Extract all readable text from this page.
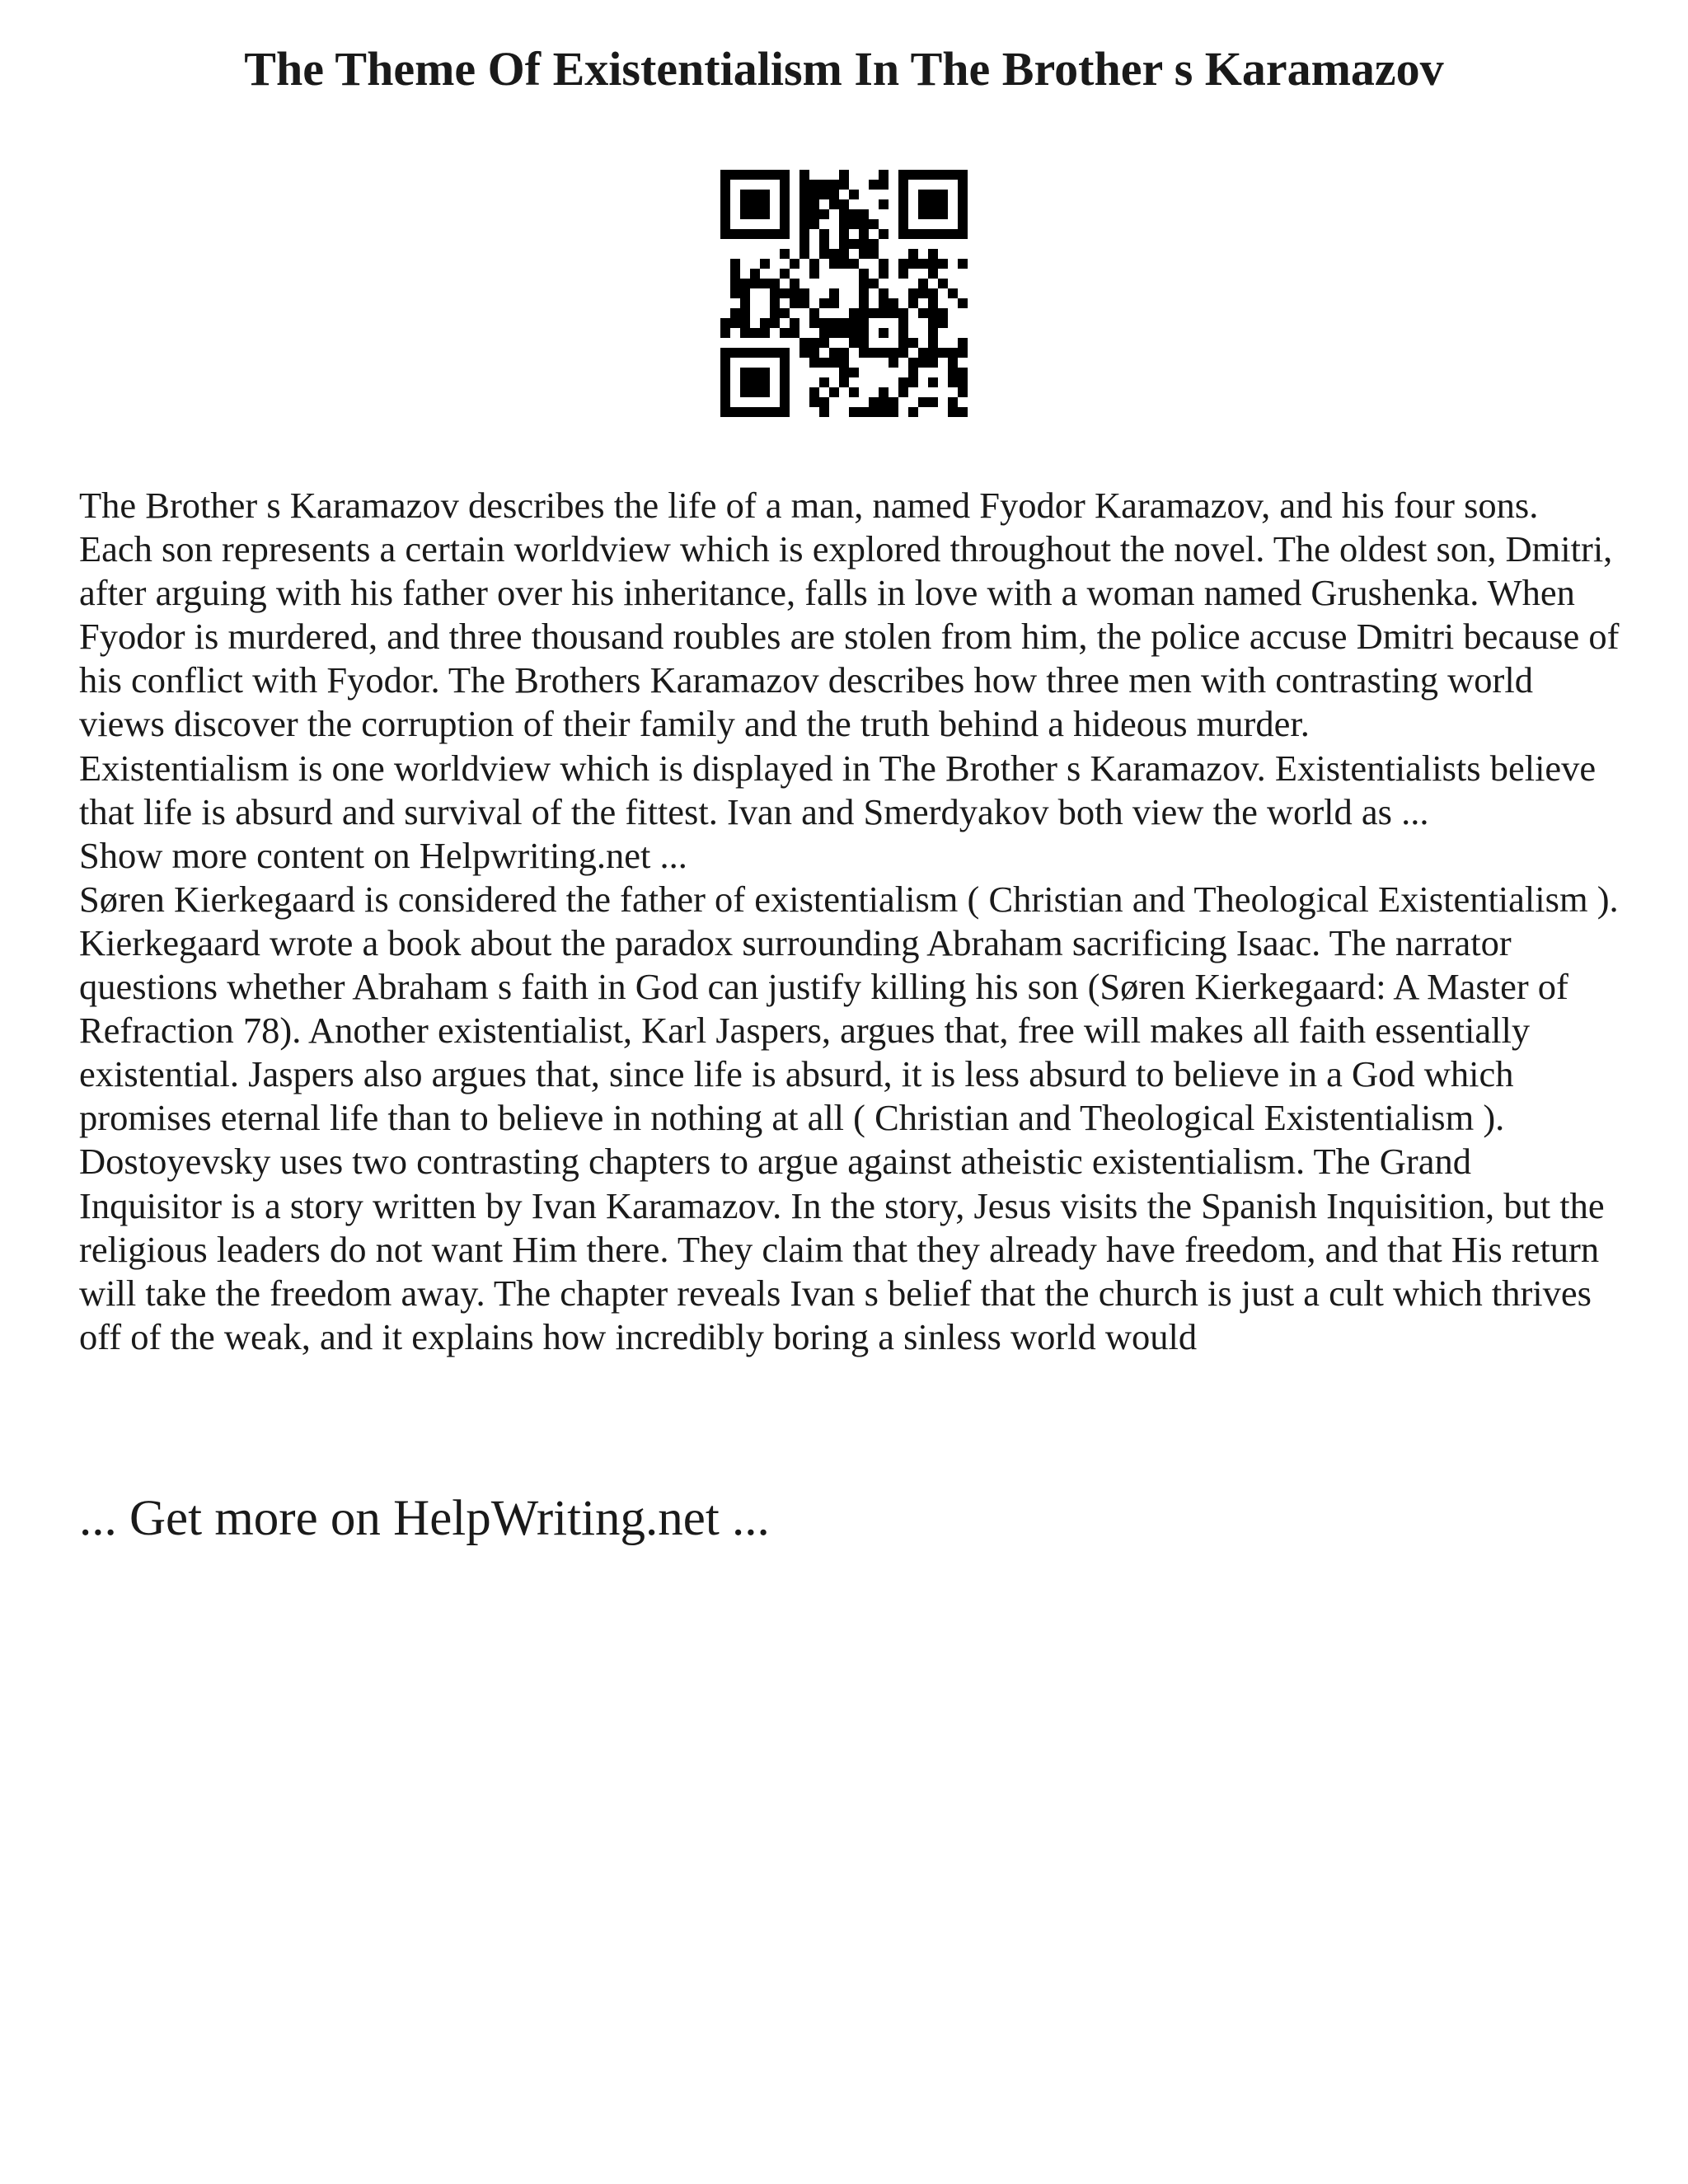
The Theme Of Existentialism In The Brother s Karamazov

The Brother s Karamazov describes the life of a man, named Fyodor Karamazov, and his four sons. Each son represents a certain worldview which is explored throughout the novel. The oldest son, Dmitri, after arguing with his father over his inheritance, falls in love with a woman named Grushenka. When Fyodor is murdered, and three thousand roubles are stolen from him, the police accuse Dmitri because of his conflict with Fyodor. The Brothers Karamazov describes how three men with contrasting world views discover the corruption of their family and the truth behind a hideous murder.

Existentialism is one worldview which is displayed in The Brother s Karamazov. Existentialists believe that life is absurd and survival of the fittest. Ivan and Smerdyakov both view the world as ...

Show more content on Helpwriting.net ...

Søren Kierkegaard is considered the father of existentialism ( Christian and Theological Existentialism ). Kierkegaard wrote a book about the paradox surrounding Abraham sacrificing Isaac. The narrator questions whether Abraham s faith in God can justify killing his son (Søren Kierkegaard: A Master of Refraction 78). Another existentialist, Karl Jaspers, argues that, free will makes all faith essentially existential. Jaspers also argues that, since life is absurd, it is less absurd to believe in a God which promises eternal life than to believe in nothing at all ( Christian and Theological Existentialism ).

Dostoyevsky uses two contrasting chapters to argue against atheistic existentialism. The Grand Inquisitor is a story written by Ivan Karamazov. In the story, Jesus visits the Spanish Inquisition, but the religious leaders do not want Him there. They claim that they already have freedom, and that His return will take the freedom away. The chapter reveals Ivan s belief that the church is just a cult which thrives off of the weak, and it explains how incredibly boring a sinless world would

... Get more on HelpWriting.net ...
